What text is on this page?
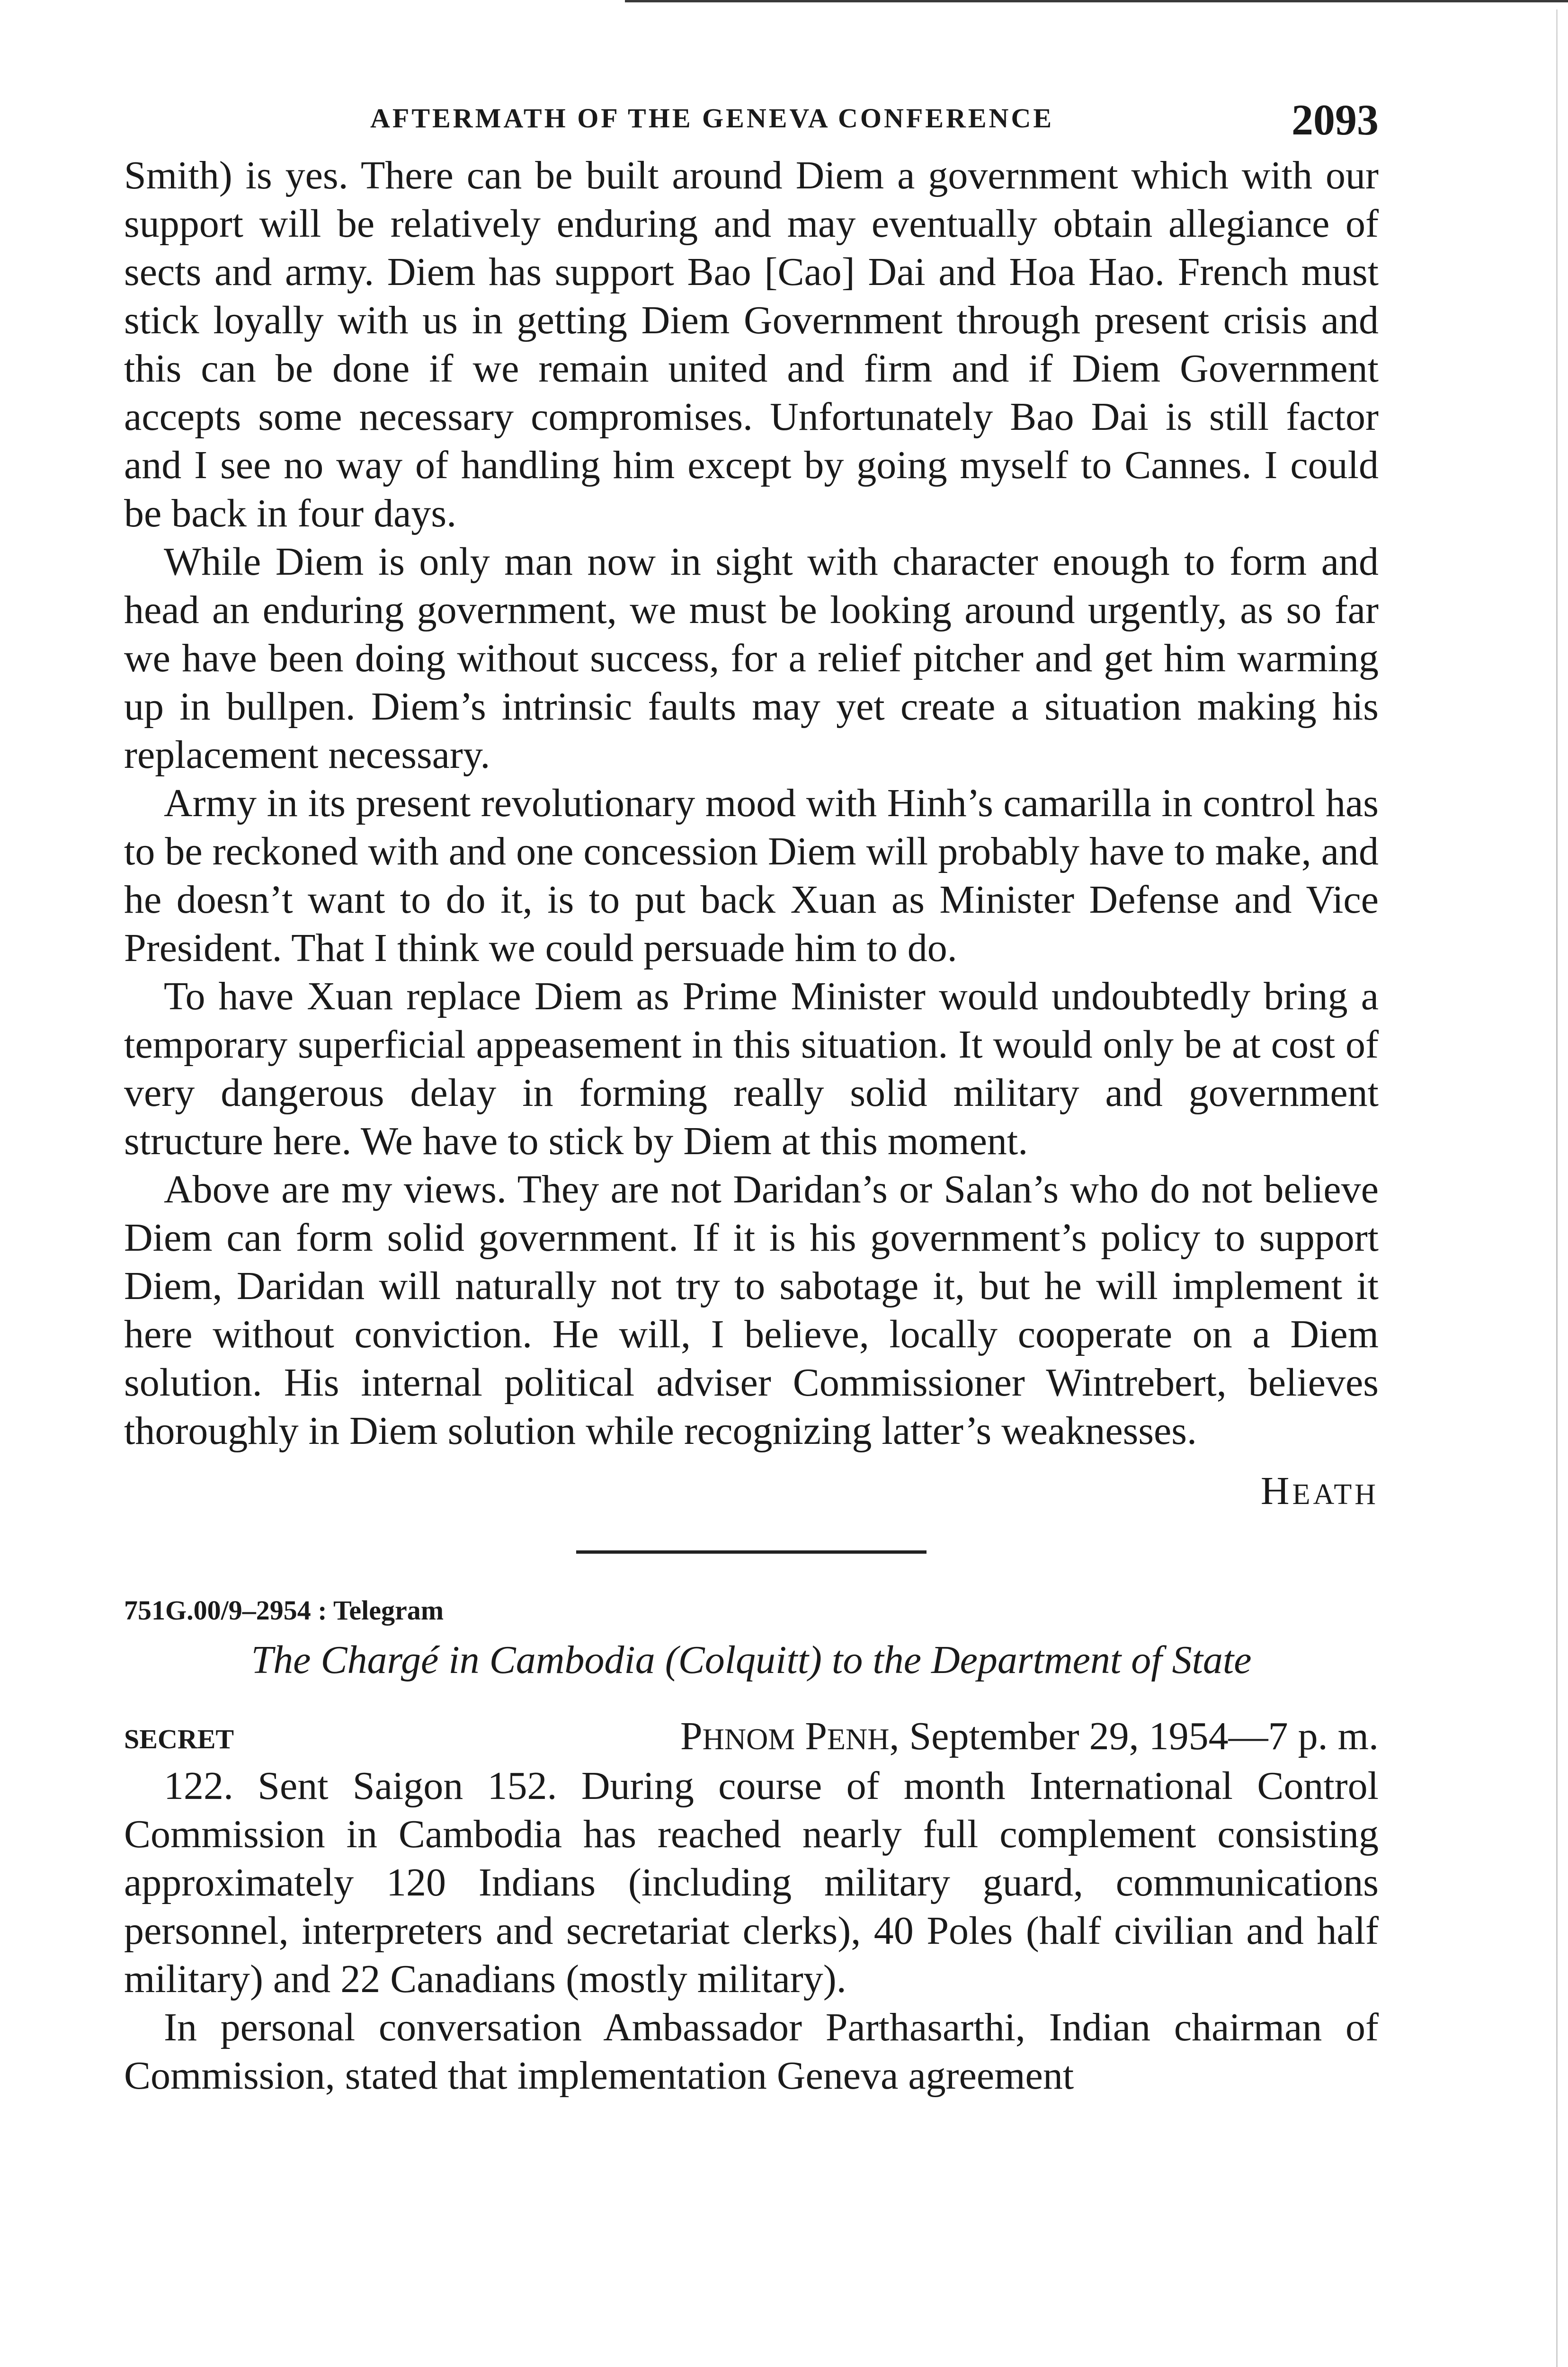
AFTERMATH OF THE GENEVA CONFERENCE	2093

Smith) is yes. There can be built around Diem a government which with our support will be relatively enduring and may eventually obtain allegiance of sects and army. Diem has support Bao [Cao] Dai and Hoa Hao. French must stick loyally with us in getting Diem Government through present crisis and this can be done if we remain united and firm and if Diem Government accepts some necessary compromises. Unfortunately Bao Dai is still factor and I see no way of handling him except by going myself to Cannes. I could be back in four days.

While Diem is only man now in sight with character enough to form and head an enduring government, we must be looking around urgently, as so far we have been doing without success, for a relief pitcher and get him warming up in bullpen. Diem’s intrinsic faults may yet create a situation making his replacement necessary.

Army in its present revolutionary mood with Hinh’s camarilla in control has to be reckoned with and one concession Diem will probably have to make, and he doesn’t want to do it, is to put back Xuan as Minister Defense and Vice President. That I think we could persuade him to do.

To have Xuan replace Diem as Prime Minister would undoubtedly bring a temporary superficial appeasement in this situation. It would only be at cost of very dangerous delay in forming really solid military and government structure here. We have to stick by Diem at this moment.

Above are my views. They are not Daridan’s or Salan’s who do not believe Diem can form solid government. If it is his government’s policy to support Diem, Daridan will naturally not try to sabotage it, but he will implement it here without conviction. He will, I believe, locally cooperate on a Diem solution. His internal political adviser Commissioner Wintrebert, believes thoroughly in Diem solution while recognizing latter’s weaknesses.

HEATH

751G.00/9–2954 : Telegram

The Chargé in Cambodia (Colquitt) to the Department of State

SECRET	PHNOM PENH, September 29, 1954—7 p. m.

122. Sent Saigon 152. During course of month International Control Commission in Cambodia has reached nearly full complement consisting approximately 120 Indians (including military guard, communications personnel, interpreters and secretariat clerks), 40 Poles (half civilian and half military) and 22 Canadians (mostly military).

In personal conversation Ambassador Parthasarthi, Indian chairman of Commission, stated that implementation Geneva agreement
